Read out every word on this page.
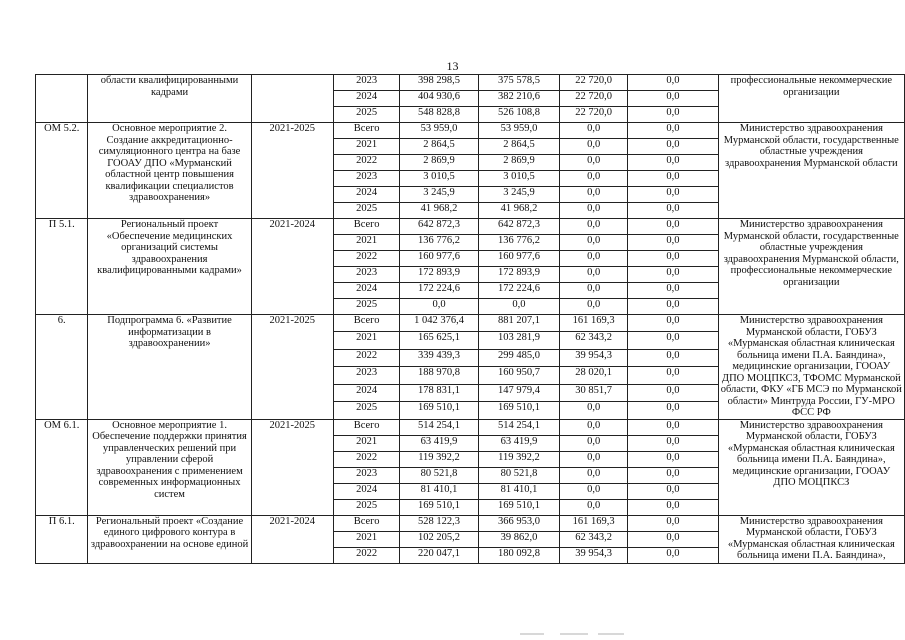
13
	области квалифицированными кадрами		2023	398 298,5	375 578,5	22 720,0	0,0	профессиональные некоммерческие организации
			2024	404 930,6	382 210,6	22 720,0	0,0	
			2025	548 828,8	526 108,8	22 720,0	0,0	
ОМ 5.2.	Основное мероприятие 2. Создание аккредитационно-симуляционного центра на базе ГООАУ ДПО «Мурманский областной центр повышения квалификации специалистов здравоохранения»	2021-2025	Всего	53 959,0	53 959,0	0,0	0,0	Министерство здравоохранения Мурманской области, государственные областные учреждения здравоохранения Мурманской области
			2021	2 864,5	2 864,5	0,0	0,0	
			2022	2 869,9	2 869,9	0,0	0,0	
			2023	3 010,5	3 010,5	0,0	0,0	
			2024	3 245,9	3 245,9	0,0	0,0	
			2025	41 968,2	41 968,2	0,0	0,0	
П 5.1.	Региональный проект «Обеспечение медицинских организаций системы здравоохранения квалифицированными кадрами»	2021-2024	Всего	642 872,3	642 872,3	0,0	0,0	Министерство здравоохранения Мурманской области, государственные областные учреждения здравоохранения Мурманской области, профессиональные некоммерческие организации
			2021	136 776,2	136 776,2	0,0	0,0	
			2022	160 977,6	160 977,6	0,0	0,0	
			2023	172 893,9	172 893,9	0,0	0,0	
			2024	172 224,6	172 224,6	0,0	0,0	
			2025	0,0	0,0	0,0	0,0	
6.	Подпрограмма 6. «Развитие информатизации в здравоохранении»	2021-2025	Всего	1 042 376,4	881 207,1	161 169,3	0,0	Министерство здравоохранения Мурманской области, ГОБУЗ «Мурманская областная клиническая больница имени П.А. Баяндина», медицинские организации, ГООАУ ДПО МОЦПКСЗ, ТФОМС Мурманской области, ФКУ «ГБ МСЭ по Мурманской области» Минтруда России, ГУ-МРО ФСС РФ
			2021	165 625,1	103 281,9	62 343,2	0,0	
			2022	339 439,3	299 485,0	39 954,3	0,0	
			2023	188 970,8	160 950,7	28 020,1	0,0	
			2024	178 831,1	147 979,4	30 851,7	0,0	
			2025	169 510,1	169 510,1	0,0	0,0	
ОМ 6.1.	Основное мероприятие 1. Обеспечение поддержки принятия управленческих решений при управлении сферой здравоохранения с применением современных информационных систем	2021-2025	Всего	514 254,1	514 254,1	0,0	0,0	Министерство здравоохранения Мурманской области, ГОБУЗ «Мурманская областная клиническая больница имени П.А. Баяндина», медицинские организации, ГООАУ ДПО МОЦПКСЗ
			2021	63 419,9	63 419,9	0,0	0,0	
			2022	119 392,2	119 392,2	0,0	0,0	
			2023	80 521,8	80 521,8	0,0	0,0	
			2024	81 410,1	81 410,1	0,0	0,0	
			2025	169 510,1	169 510,1	0,0	0,0	
П 6.1.	Региональный проект «Создание единого цифрового контура в здравоохранении на основе единой	2021-2024	Всего	528 122,3	366 953,0	161 169,3	0,0	Министерство здравоохранения Мурманской области, ГОБУЗ «Мурманская областная клиническая больница имени П.А. Баяндина»,
			2021	102 205,2	39 862,0	62 343,2	0,0	
			2022	220 047,1	180 092,8	39 954,3	0,0	
